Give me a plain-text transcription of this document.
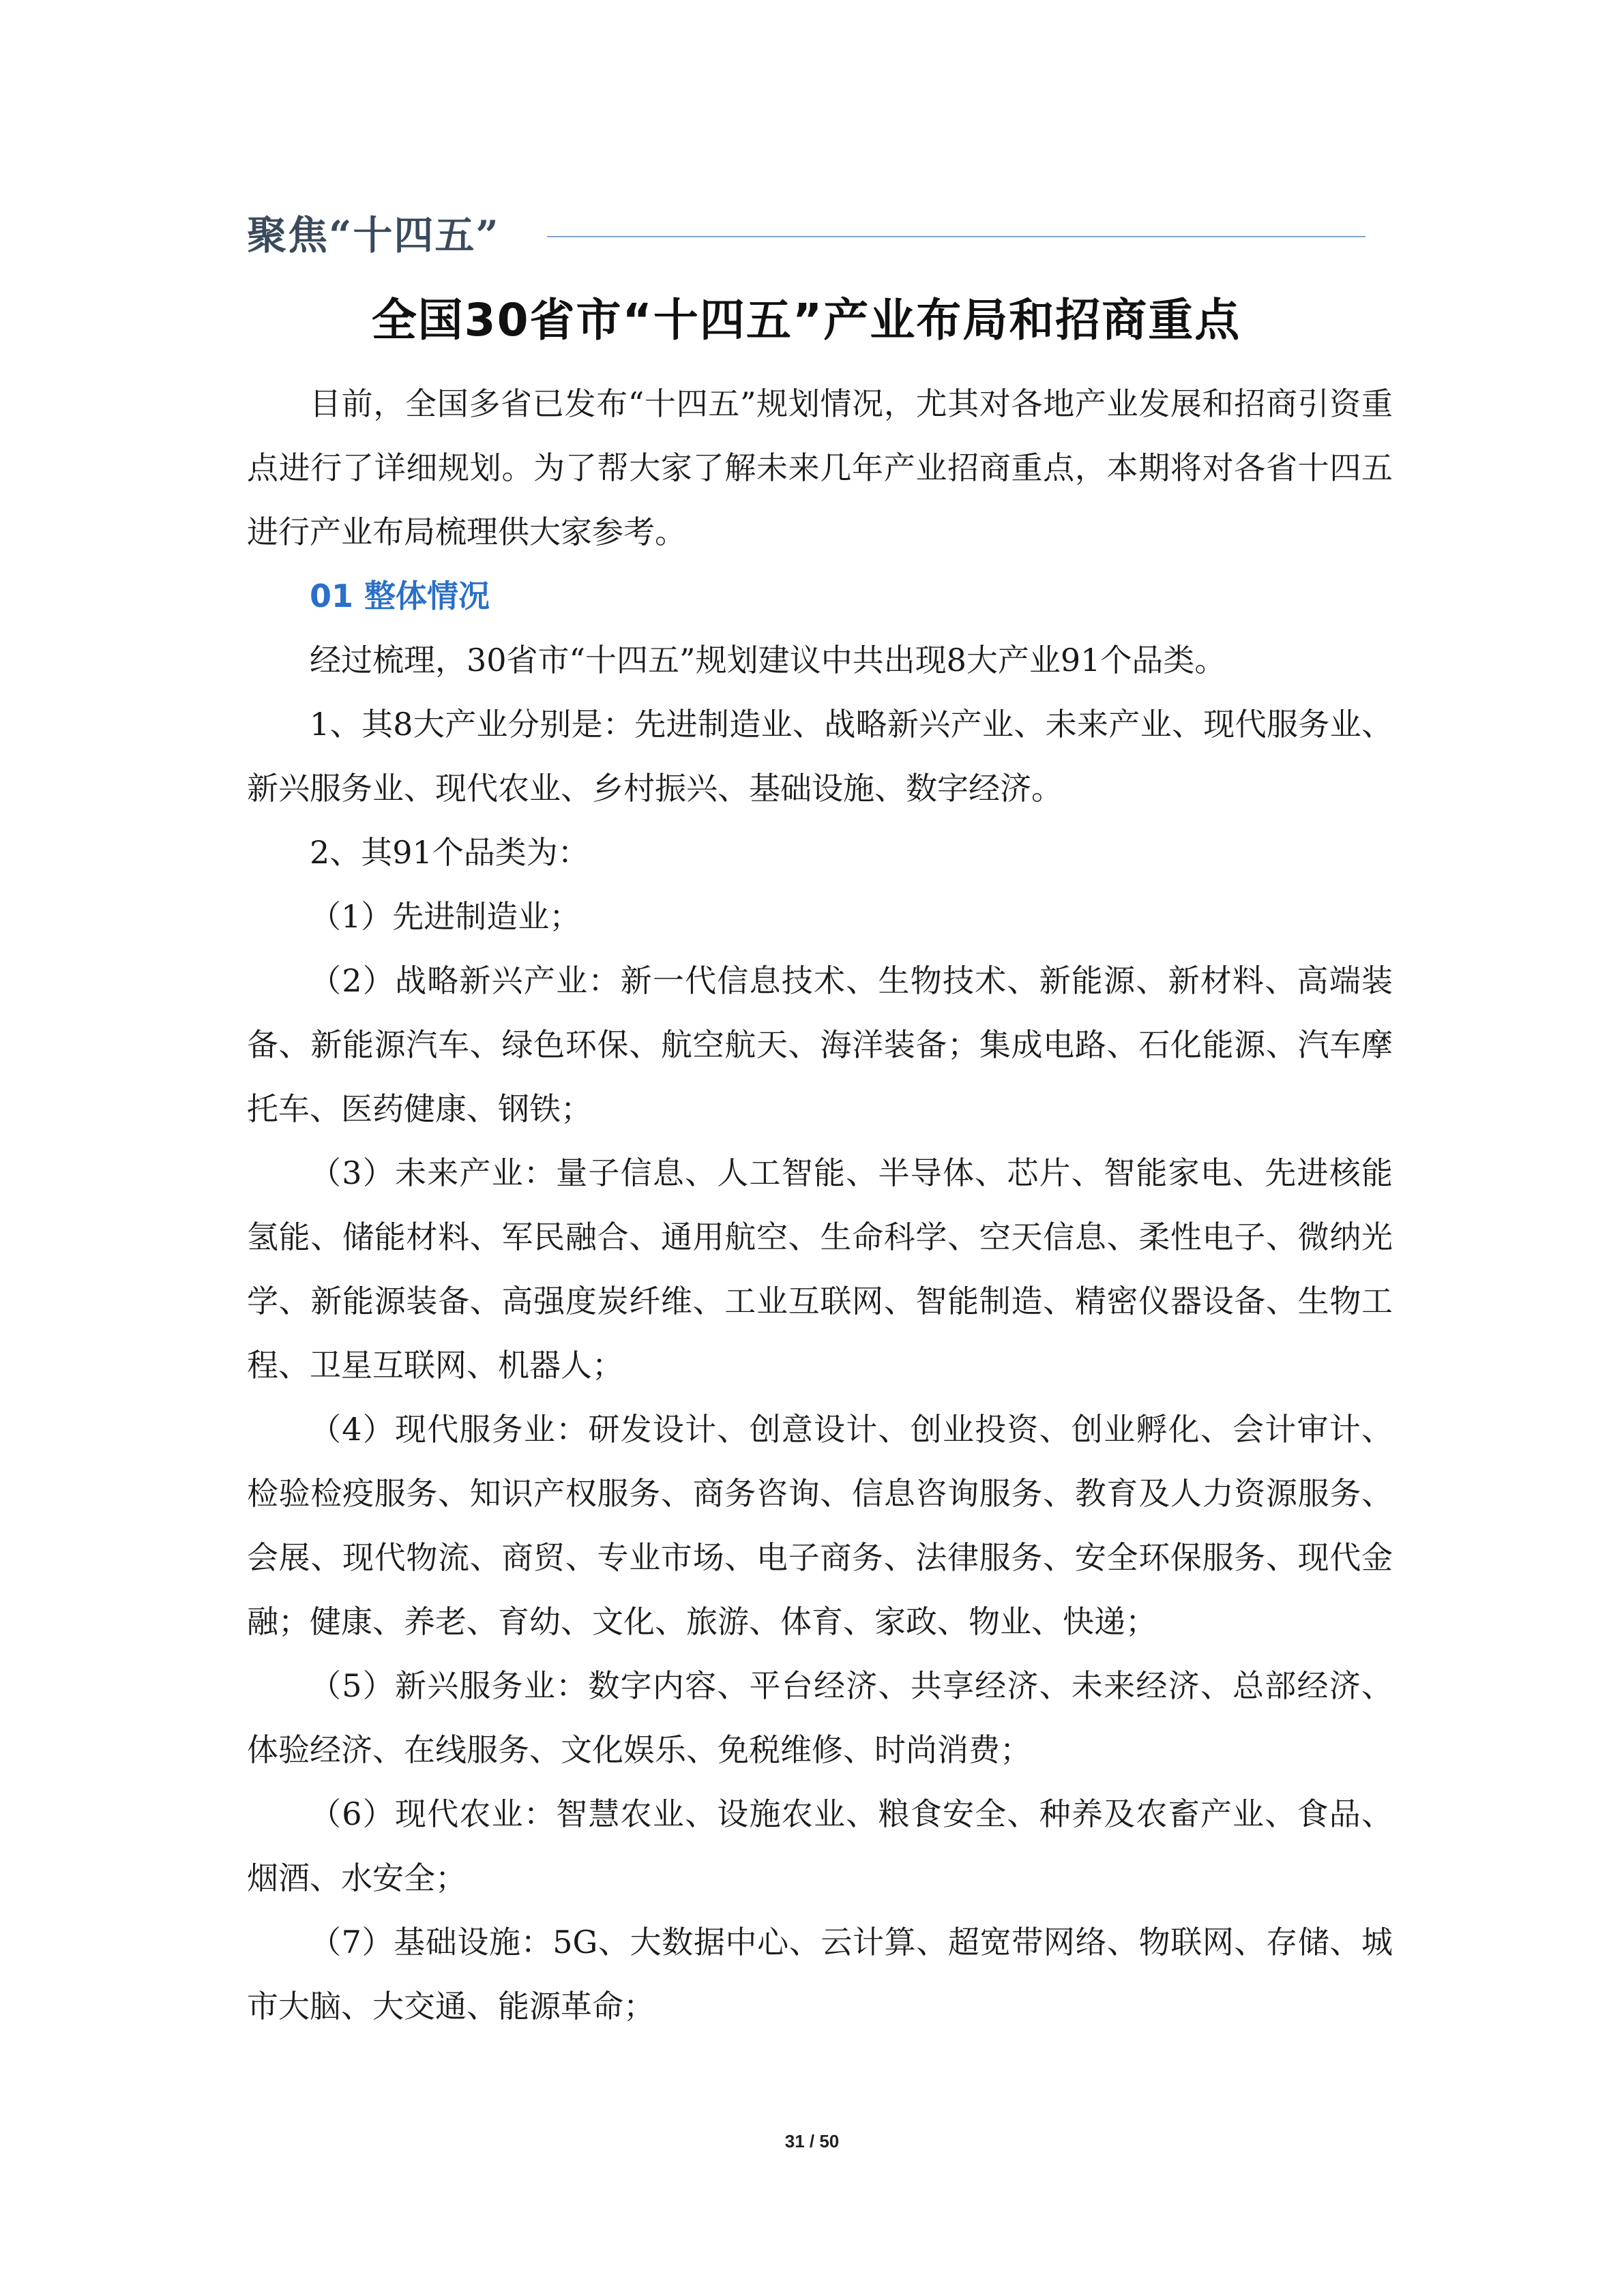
聚焦“十四五”
全国30省市“十四五”产业布局和招商重点

目前，全国多省已发布“十四五”规划情况，尤其对各地产业发展和招商引资重点进行了详细规划。为了帮大家了解未来几年产业招商重点，本期将对各省十四五进行产业布局梳理供大家参考。

01 整体情况

经过梳理，30省市“十四五”规划建议中共出现8大产业91个品类。

1、其8大产业分别是：先进制造业、战略新兴产业、未来产业、现代服务业、新兴服务业、现代农业、乡村振兴、基础设施、数字经济。

2、其91个品类为：

（1）先进制造业；

（2）战略新兴产业：新一代信息技术、生物技术、新能源、新材料、高端装备、新能源汽车、绿色环保、航空航天、海洋装备；集成电路、石化能源、汽车摩托车、医药健康、钢铁；

（3）未来产业：量子信息、人工智能、半导体、芯片、智能家电、先进核能氢能、储能材料、军民融合、通用航空、生命科学、空天信息、柔性电子、微纳光学、新能源装备、高强度炭纤维、工业互联网、智能制造、精密仪器设备、生物工程、卫星互联网、机器人；

（4）现代服务业：研发设计、创意设计、创业投资、创业孵化、会计审计、检验检疫服务、知识产权服务、商务咨询、信息咨询服务、教育及人力资源服务、会展、现代物流、商贸、专业市场、电子商务、法律服务、安全环保服务、现代金融；健康、养老、育幼、文化、旅游、体育、家政、物业、快递；

（5）新兴服务业：数字内容、平台经济、共享经济、未来经济、总部经济、体验经济、在线服务、文化娱乐、免税维修、时尚消费；

（6）现代农业：智慧农业、设施农业、粮食安全、种养及农畜产业、食品、烟酒、水安全；

（7）基础设施：5G、大数据中心、云计算、超宽带网络、物联网、存储、城市大脑、大交通、能源革命；

31 / 50
